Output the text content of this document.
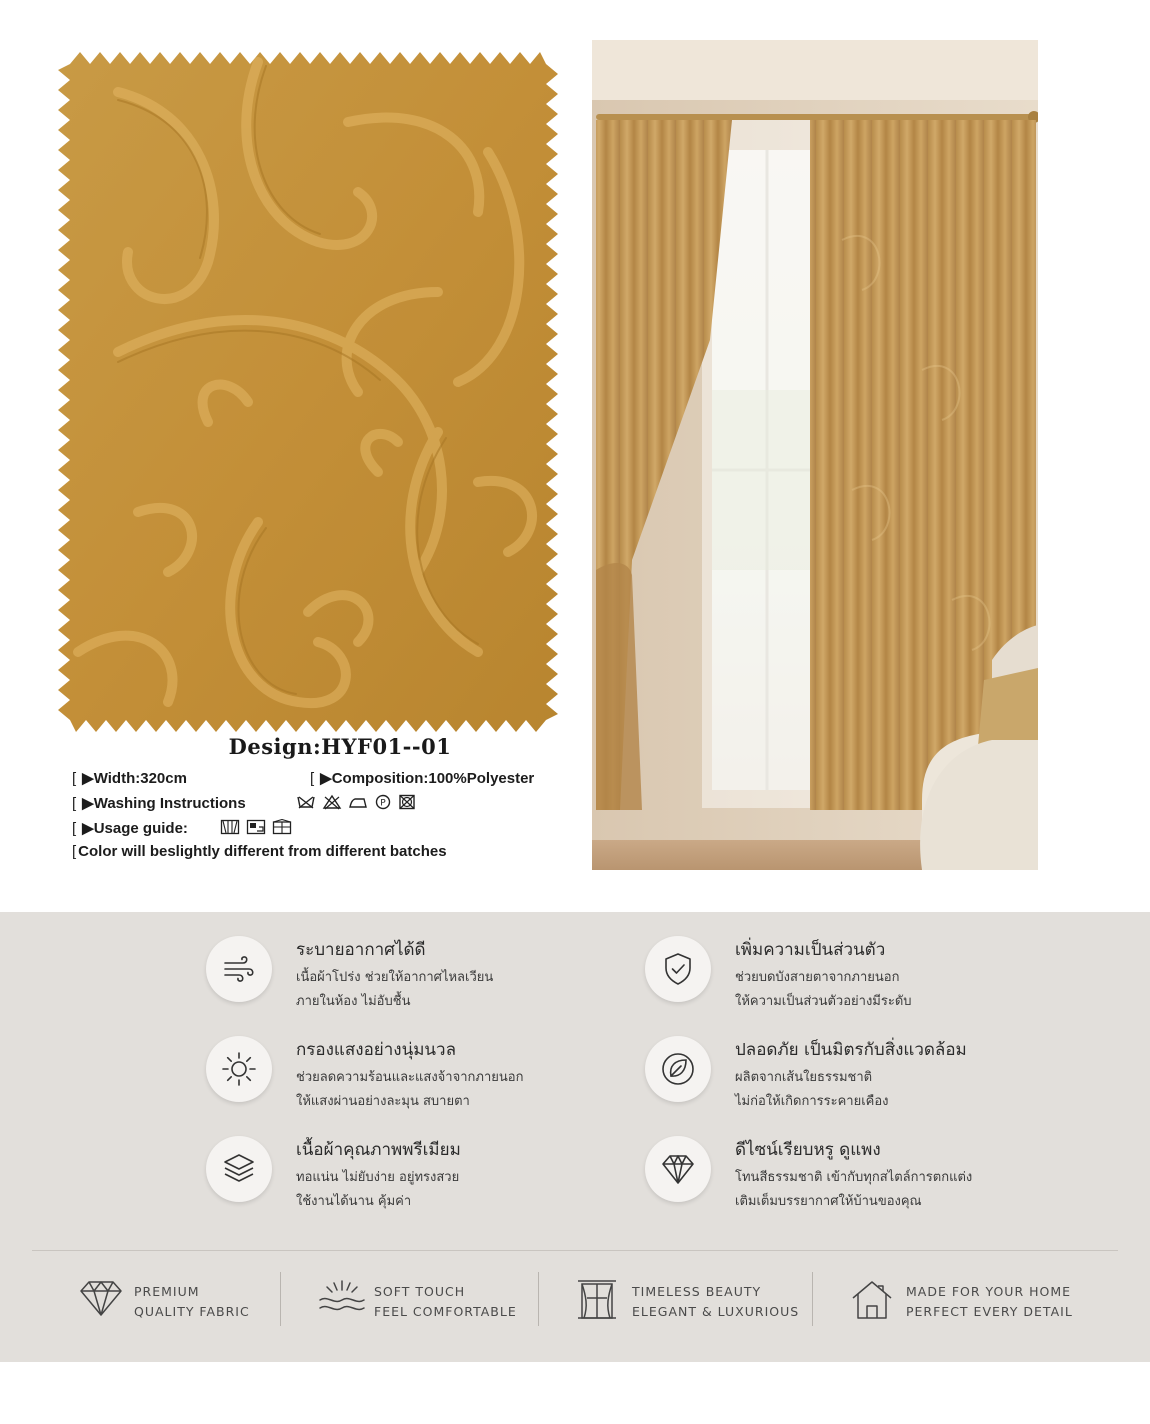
Design:HYF01--01
[ ▶Width:320cm	[ ▶Composition:100%Polyester
[ ▶Washing Instructions	P
[ ▶Usage guide:
[ Color will beslightly different from different batches
ระบายอากาศได้ดี
เนื้อผ้าโปร่ง ช่วยให้อากาศไหลเวียน
ภายในห้อง ไม่อับชื้น
เพิ่มความเป็นส่วนตัว
ช่วยบดบังสายตาจากภายนอก
ให้ความเป็นส่วนตัวอย่างมีระดับ
กรองแสงอย่างนุ่มนวล
ช่วยลดความร้อนและแสงจ้าจากภายนอก
ให้แสงผ่านอย่างละมุน สบายตา
ปลอดภัย เป็นมิตรกับสิ่งแวดล้อม
ผลิตจากเส้นใยธรรมชาติ
ไม่ก่อให้เกิดการระคายเคือง
เนื้อผ้าคุณภาพพรีเมียม
ทอแน่น ไม่ยับง่าย อยู่ทรงสวย
ใช้งานได้นาน คุ้มค่า
ดีไซน์เรียบหรู ดูแพง
โทนสีธรรมชาติ เข้ากับทุกสไตล์การตกแต่ง
เติมเต็มบรรยากาศให้บ้านของคุณ
PREMIUM
QUALITY FABRIC
SOFT TOUCH
FEEL COMFORTABLE
TIMELESS BEAUTY
ELEGANT & LUXURIOUS
MADE FOR YOUR HOME
PERFECT EVERY DETAIL
